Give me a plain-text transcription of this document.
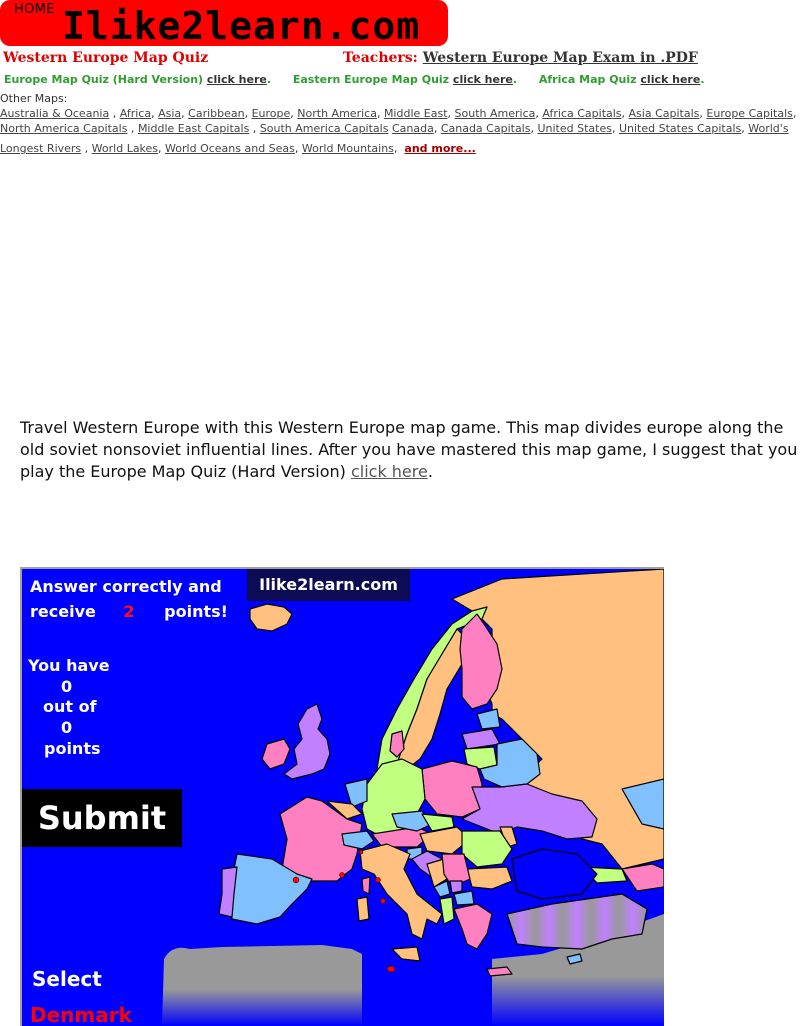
HOME Ilike2learn.com
Western Europe Map Quiz	Teachers: Western Europe Map Exam in .PDF
Europe Map Quiz (Hard Version) click here. Eastern Europe Map Quiz click here. Africa Map Quiz click here.
Other Maps:
Australia & Oceania , Africa, Asia, Caribbean, Europe, North America, Middle East, South America, Africa Capitals, Asia Capitals, Europe Capitals,
North America Capitals , Middle East Capitals , South America Capitals Canada, Canada Capitals, United States, United States Capitals, World's
Longest Rivers , World Lakes, World Oceans and Seas, World Mountains,  and more...
Travel Western Europe with this Western Europe map game. This map divides europe along the old soviet nonsoviet influential lines. After you have mastered this map game, I suggest that you play the Europe Map Quiz (Hard Version) click here.
Ilike2learn.com
Answer correctly and
receive 2 points!
You have
0
out of
0
points
Submit
Select
Denmark
